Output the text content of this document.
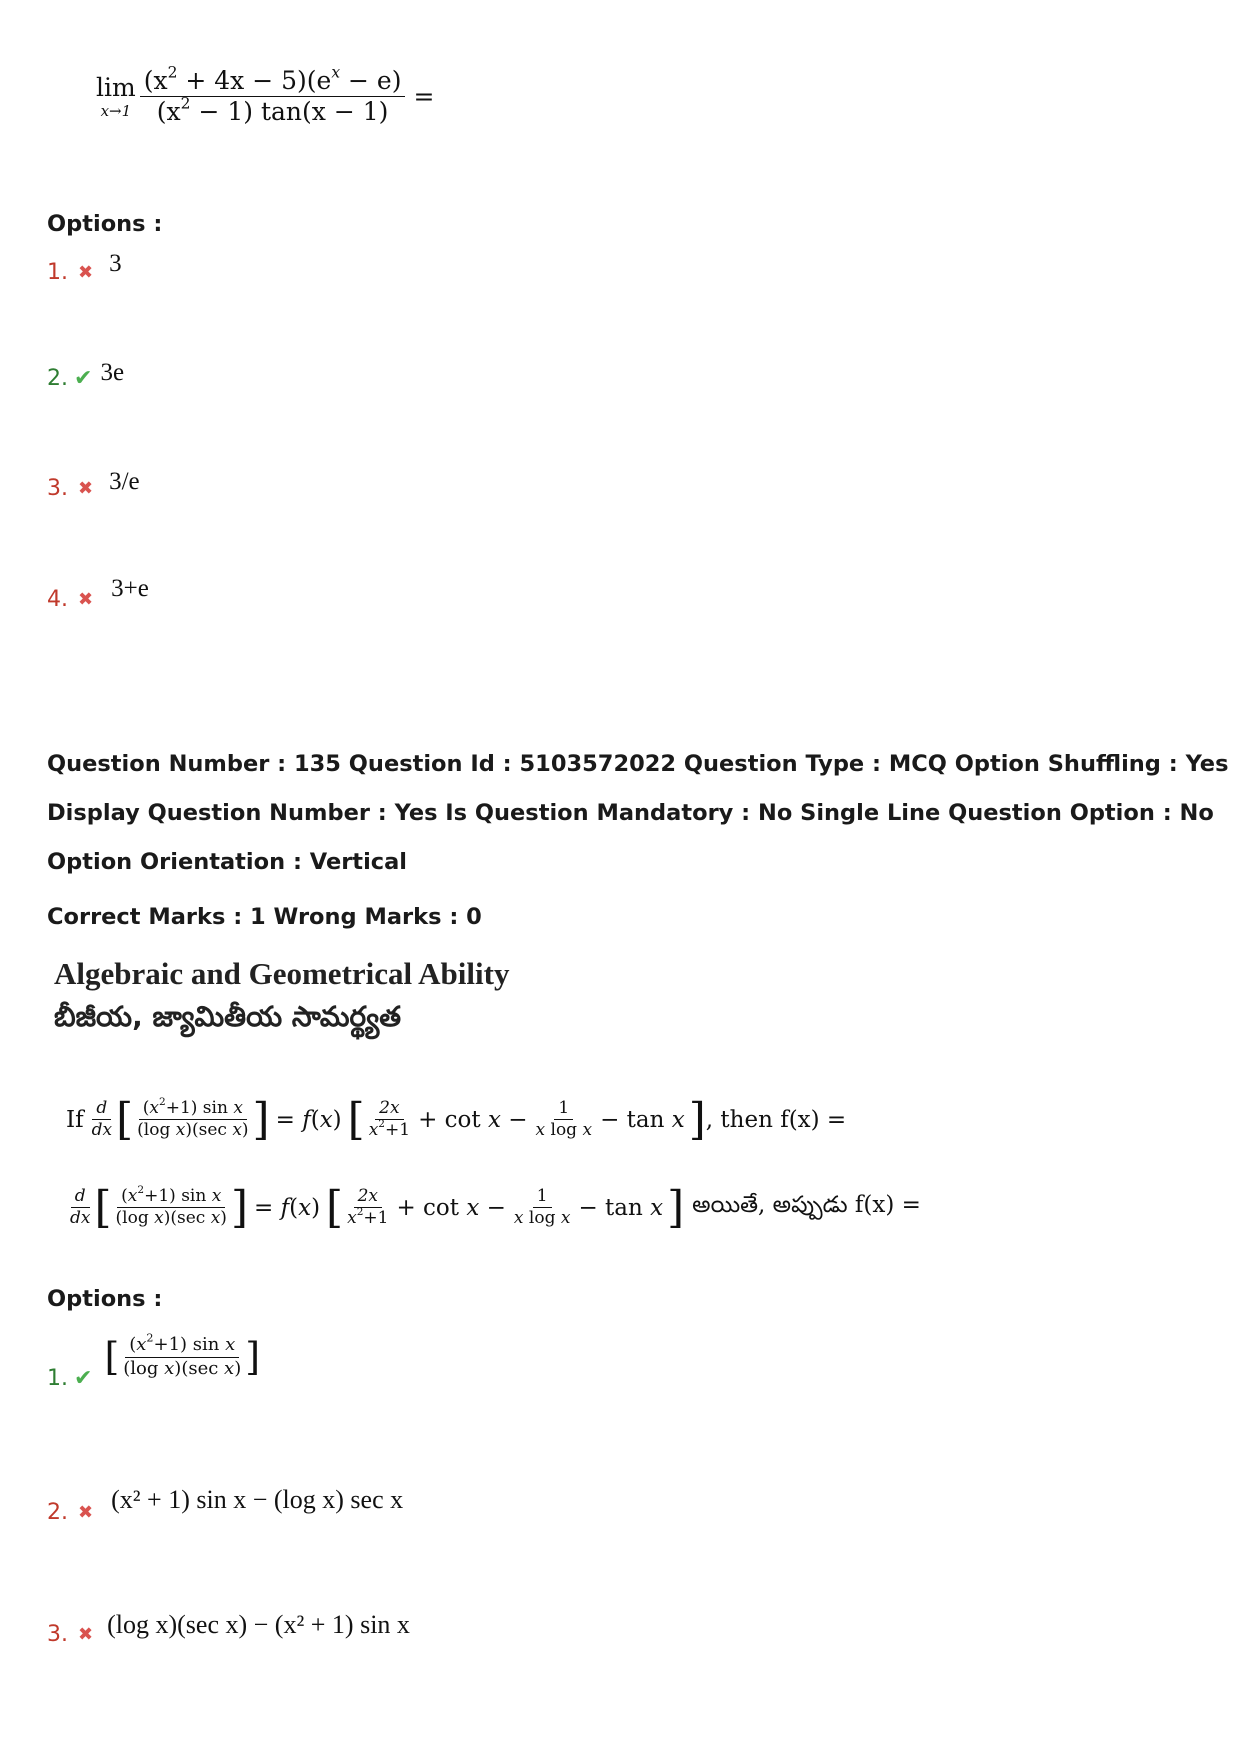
lim
$x\to 1 \frac{(x^2 + 4x - 5)(e^x - e)}{(x^2 - 1) \tan(x - 1)}$ =
Options :
1. ✖ 3
2. ✔ 3e
3. ✖ 3/e
4. ✖ 3+e
Question Number : 135 Question Id : 5103572022 Question Type : MCQ Option Shuffling : Yes
Display Question Number : Yes Is Question Mandatory : No Single Line Question Option : No
Option Orientation : Vertical
Correct Marks : 1 Wrong Marks : 0
Algebraic and Geometrical Ability
బీజీయ, జ్యామితీయ సామర్థ్యత
If $\frac{d}{dx}$ [ $\frac{(x^2+1) \sin x}{\text{(log x)(sec x)}}$ ] = f(x) [ $\frac{2x}{x^2+1} + \cot x - \frac{1}{\text{x log x}} - \tan x$ ] , then f(x) =
$\frac{d}{dx}$ [ $\frac{(x^2+1) \sin x}{\text{(log x)(sec x)}}$ ] = f(x) [ $\frac{2x}{x^2+1} + \cot x - \frac{1}{\text{x log x}} - \tan x$ ] అయితే, అప్పుడు f(x) =
Options :
1. ✔ [ $\frac{(x^2+1) \sin x}{\text{(log x)(sec x)}}$ ]
2. ✖ (x² + 1) sin x − (log x) sec x
3. ✖ (log x)(sec x) − (x² + 1) sin x
